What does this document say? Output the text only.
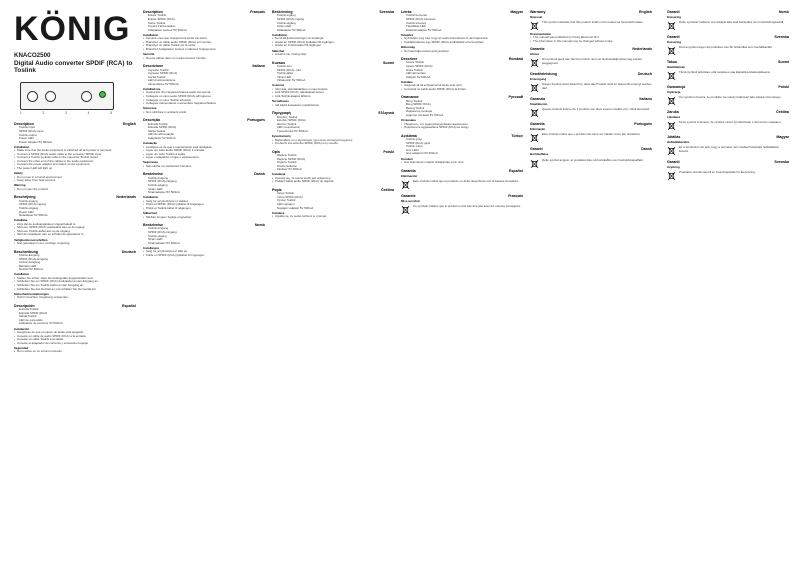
KÖNIG
KNACO2500
Digital Audio converter SPDIF (RCA) to Toslink
1	2	3	4	5
Description	English
Toslink input
SPDIF (RCA) input
Toslink output
Power LED
Power adapter 5V 500mA
Installation
• Make sure that the audio equipment is switched off and power is removed.
• Connect a SPDIF (RCA) audio cable to the converter SPDIF input.
• Connect a Toslink (optical) cable to the converter Toslink output.
• Connect the other end of the cables to the audio equipment.
• Connect the power adapter and switch on the equipment.
• The power LED will light up.
Safety
• Do not use in a humid environment.
• Keep away from heat sources.
Warning
• Do not open the product.
Beschrijving	Nederlands
Toslink-ingang
SPDIF (RCA)-ingang
Toslink-uitgang
Power LED
Netadapter 5V 500mA
Installatie
• Zorg dat de audioapparatuur uitgeschakeld is.
• Sluit een SPDIF (RCA) audiokabel aan op de ingang.
• Sluit een Toslink-kabel aan op de uitgang.
• Sluit de netadapter aan en schakel de apparatuur in.
Veiligheidsvoorschriften
• Niet gebruiken in een vochtige omgeving.
Beschreibung	Deutsch
Toslink-Eingang
SPDIF (RCA)-Eingang
Toslink-Ausgang
Betriebs-LED
Netzteil 5V 500mA
Installation
• Stellen Sie sicher, dass die Audiogeräte ausgeschaltet sind.
• Schließen Sie ein SPDIF (RCA) Audiokabel an den Eingang an.
• Schließen Sie ein Toslink-Kabel an den Ausgang an.
• Schließen Sie das Netzteil an und schalten Sie die Geräte ein.
Sicherheitsvorkehrungen
• Nicht in feuchter Umgebung verwenden.
Descripción	Español
Entrada Toslink
Entrada SPDIF (RCA)
Salida Toslink
LED de encendido
Adaptador de corriente 5V 500mA
Instalación
• Asegúrese de que el equipo de audio está apagado.
• Conecte un cable de audio SPDIF (RCA) a la entrada.
• Conecte un cable Toslink a la salida.
• Conecte el adaptador de corriente y encienda el equipo.
Seguridad
• No lo utilice en un entorno húmedo.
Description	Français
Entrée Toslink
Entrée SPDIF (RCA)
Sortie Toslink
Voyant d'alimentation
Adaptateur secteur 5V 500mA
Installation
• Assurez-vous que l'équipement audio est éteint.
• Branchez un câble audio SPDIF (RCA) sur l'entrée.
• Branchez un câble Toslink sur la sortie.
• Branchez l'adaptateur secteur et allumez l'équipement.
Sécurité
• Ne pas utiliser dans un environnement humide.
Descrizione	Italiano
Ingresso Toslink
Ingresso SPDIF (RCA)
Uscita Toslink
LED di alimentazione
Alimentatore 5V 500mA
Installazione
• Assicurarsi che l'apparecchiatura audio sia spenta.
• Collegare un cavo audio SPDIF (RCA) all'ingresso.
• Collegare un cavo Toslink all'uscita.
• Collegare l'alimentatore e accendere l'apparecchiatura.
Sicurezza
• Non utilizzare in ambienti umidi.
Descrição	Português
Entrada Toslink
Entrada SPDIF (RCA)
Saída Toslink
LED de alimentação
Adaptador 5V 500mA
Instalação
• Certifique-se de que o equipamento está desligado.
• Ligue um cabo áudio SPDIF (RCA) à entrada.
• Ligue um cabo Toslink à saída.
• Ligue o adaptador e ligue o equipamento.
Segurança
• Não utilizar em ambientes húmidos.
Beskrivelse	Dansk
Toslink-indgang
SPDIF (RCA)-indgang
Toslink-udgang
Strøm-LED
Strømadapter 5V 500mA
Installation
• Sørg for at lydudstyret er slukket.
• Tilslut et SPDIF (RCA) lydkabel til indgangen.
• Tilslut et Toslink-kabel til udgangen.
Sikkerhed
• Må ikke bruges i fugtige omgivelser.
Beskrivelse	Norsk
Toslink-inngang
SPDIF (RCA)-inngang
Toslink-utgang
Strøm-LED
Strømadapter 5V 500mA
Installasjon
• Sørg for at lydutstyret er slått av.
• Koble en SPDIF (RCA) lydkabel til inngangen.
Beskrivning	Svenska
Toslink-ingång
SPDIF (RCA)-ingång
Toslink-utgång
Ström-LED
Nätadapter 5V 500mA
Installation
• Se till att ljudutrustningen är avstängd.
• Anslut en SPDIF (RCA) ljudkabel till ingången.
• Anslut en Toslink-kabel till utgången.
Säkerhet
• Använd inte i fuktig miljö.
Kuvaus	Suomi
Toslink-tulo
SPDIF (RCA) -tulo
Toslink-lähtö
Virran LED
Virtasovitin 5V 500mA
Asennus
• Varmista, että äänilaitteet on sammutettu.
• Liitä SPDIF (RCA) -äänikaapeli tuloon.
• Liitä Toslink-kaapeli lähtöön.
Turvallisuus
• Älä käytä kosteassa ympäristössä.
Περιγραφή	Ελληνικά
Είσοδος Toslink
Είσοδος SPDIF (RCA)
Έξοδος Toslink
LED τροφοδοσίας
Τροφοδοτικό 5V 500mA
Εγκατάσταση
• Βεβαιωθείτε ότι ο εξοπλισμός ήχου είναι απενεργοποιημένος.
• Συνδέστε ένα καλώδιο SPDIF (RCA) στην είσοδο.
Opis	Polski
Wejście Toslink
Wejście SPDIF (RCA)
Wyjście Toslink
Dioda zasilania
Zasilacz 5V 500mA
Instalacja
• Upewnij się, że sprzęt audio jest wyłączony.
• Podłącz kabel audio SPDIF (RCA) do wejścia.
Popis	Čeština
Vstup Toslink
Vstup SPDIF (RCA)
Výstup Toslink
LED napájení
Napájecí adaptér 5V 500mA
Instalace
• Ujistěte se, že audio zařízení je vypnuté.
Leírás	Magyar
Toslink bemenet
SPDIF (RCA) bemenet
Toslink kimenet
Tápellátás LED
Hálózati adapter 5V 500mA
Telepítés
• Győződjön meg róla, hogy az audio berendezés ki van kapcsolva.
• Csatlakoztasson egy SPDIF (RCA) audiokábelt a bemenethez.
Biztonság
• Ne használja nedves környezetben.
Descriere	Română
Intrare Toslink
Intrare SPDIF (RCA)
Ieșire Toslink
LED alimentare
Adaptor 5V 500mA
Instalare
• Asigurați-vă că echipamentul audio este oprit.
• Conectați un cablu audio SPDIF (RCA) la intrare.
Описание	Русский
Вход Toslink
Вход SPDIF (RCA)
Выход Toslink
Индикатор питания
Адаптер питания 5V 500mA
Установка
• Убедитесь, что аудиооборудование выключено.
• Подключите аудиокабель SPDIF (RCA) ко входу.
Açıklama	Türkçe
Toslink girişi
SPDIF (RCA) girişi
Toslink çıkışı
Güç LED'i
Güç adaptörü 5V 500mA
Kurulum
• Ses ekipmanının kapalı olduğundan emin olun.
Garantía	Español
Eliminación
Este símbolo indica que el producto no debe desecharse con la basura doméstica.
Garantie	Français
Mise au rebut
Ce symbole indique que le produit ne doit pas être jeté avec les ordures ménagères.
Warranty	English
Disposal
This symbol indicates that this product shall not be treated as household waste.
Documentation
• This manual was published by König Electronic B.V.
• The information in this manual may be changed without notice.
Garantie	Nederlands
Afvoer
Dit symbool geeft aan dat het product niet met huishoudelijk afval mag worden weggegooid.
Gewährleistung	Deutsch
Entsorgung
Dieses Symbol weist darauf hin, dass das Produkt nicht im Hausmüll entsorgt werden darf.
Garanzia	Italiano
Smaltimento
Questo simbolo indica che il prodotto non deve essere smaltito con i rifiuti domestici.
Garantia	Português
Eliminação
Este símbolo indica que o produto não deve ser tratado como lixo doméstico.
Garanti	Dansk
Bortskaffelse
Dette symbol angiver, at produktet ikke må bortskaffes som husholdningsaffald.
Garanti	Norsk
Kassering
Dette symbolet indikerer at produktet ikke skal behandles som husholdningsavfall.
Garanti	Svenska
Kassering
Denna symbol anger att produkten inte får behandlas som hushållsavfall.
Takuu	Suomi
Hävittäminen
Tämä symboli tarkoittaa, että tuotetta ei saa käsitellä kotitalousjätteenä.
Gwarancja	Polski
Utylizacja
Ten symbol oznacza, że produktu nie należy traktować jako odpadu domowego.
Záruka	Čeština
Likvidace
Tento symbol znamená, že výrobek nesmí být likvidován s domovním odpadem.
Jótállás	Magyar
Hulladékkezelés
Ez a szimbólum azt jelzi, hogy a terméket nem szabad háztartási hulladékként kezelni.
Garanti	Svenska
Avyttring
Produkten ska lämnas till en insamlingsplats för återvinning.
